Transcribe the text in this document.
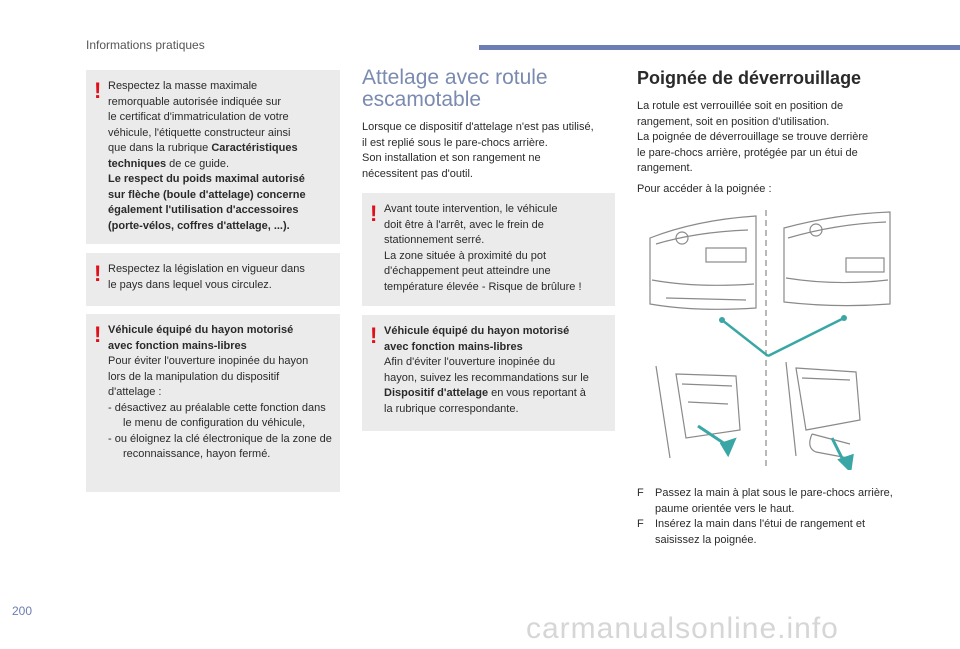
Informations pratiques
! Respectez la masse maximale
remorquable autorisée indiquée sur
le certificat d'immatriculation de votre
véhicule, l'étiquette constructeur ainsi
que dans la rubrique Caractéristiques
techniques de ce guide.
Le respect du poids maximal autorisé
sur flèche (boule d'attelage) concerne
également l'utilisation d'accessoires
(porte-vélos, coffres d'attelage, ...).
! Respectez la législation en vigueur dans
le pays dans lequel vous circulez.
! Véhicule équipé du hayon motorisé
avec fonction mains-libres
Pour éviter l'ouverture inopinée du hayon
lors de la manipulation du dispositif
d'attelage :
- désactivez au préalable cette fonction dans le menu de configuration du véhicule,
- ou éloignez la clé électronique de la zone de reconnaissance, hayon fermé.
Attelage avec rotule
escamotable
Lorsque ce dispositif d'attelage n'est pas utilisé,
il est replié sous le pare-chocs arrière.
Son installation et son rangement ne
nécessitent pas d'outil.
! Avant toute intervention, le véhicule
doit être à l'arrêt, avec le frein de
stationnement serré.
La zone située à proximité du pot
d'échappement peut atteindre une
température élevée - Risque de brûlure !
! Véhicule équipé du hayon motorisé
avec fonction mains-libres
Afin d'éviter l'ouverture inopinée du
hayon, suivez les recommandations sur le
Dispositif d'attelage en vous reportant à
la rubrique correspondante.
Poignée de déverrouillage
La rotule est verrouillée soit en position de
rangement, soit en position d'utilisation.
La poignée de déverrouillage se trouve derrière
le pare-chocs arrière, protégée par un étui de
rangement.
Pour accéder à la poignée :
F Passez la main à plat sous le pare-chocs arrière, paume orientée vers le haut.
F Insérez la main dans l'étui de rangement et saisissez la poignée.
200
carmanualsonline.info
